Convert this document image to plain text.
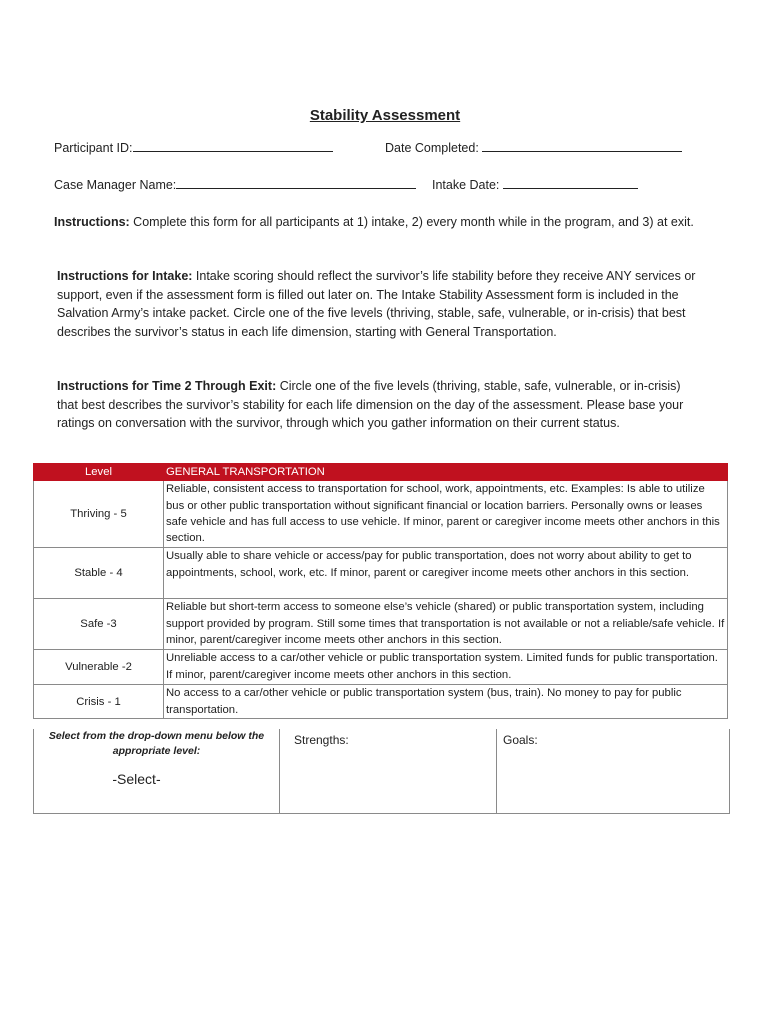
Stability Assessment
Participant ID:	Date Completed:
Case Manager Name:	Intake Date:
Instructions: Complete this form for all participants at 1) intake, 2) every month while in the program, and 3) at exit.
Instructions for Intake: Intake scoring should reflect the survivor’s life stability before they receive ANY services or support, even if the assessment form is filled out later on. The Intake Stability Assessment form is included in the Salvation Army’s intake packet. Circle one of the five levels (thriving, stable, safe, vulnerable, or in-crisis) that best describes the survivor’s status in each life dimension, starting with General Transportation.
Instructions for Time 2 Through Exit: Circle one of the five levels (thriving, stable, safe, vulnerable, or in-crisis) that best describes the survivor’s stability for each life dimension on the day of the assessment. Please base your ratings on conversation with the survivor, through which you gather information on their current status.
Level	GENERAL TRANSPORTATION
Thriving - 5	Reliable, consistent access to transportation for school, work, appointments, etc. Examples: Is able to utilize bus or other public transportation without significant financial or location barriers. Personally owns or leases safe vehicle and has full access to use vehicle. If minor, parent or caregiver income meets other anchors in this section.
Stable - 4	Usually able to share vehicle or access/pay for public transportation, does not worry about ability to get to appointments, school, work, etc. If minor, parent or caregiver income meets other anchors in this section.
Safe -3	Reliable but short-term access to someone else’s vehicle (shared) or public transportation system, including support provided by program. Still some times that transportation is not available or not a reliable/safe vehicle. If minor, parent/caregiver income meets other anchors in this section.
Vulnerable -2	Unreliable access to a car/other vehicle or public transportation system. Limited funds for public transportation. If minor, parent/caregiver income meets other anchors in this section.
Crisis - 1	No access to a car/other vehicle or public transportation system (bus, train). No money to pay for public transportation.
Select from the drop-down menu below the appropriate level:
-Select-
Strengths:	Goals:
